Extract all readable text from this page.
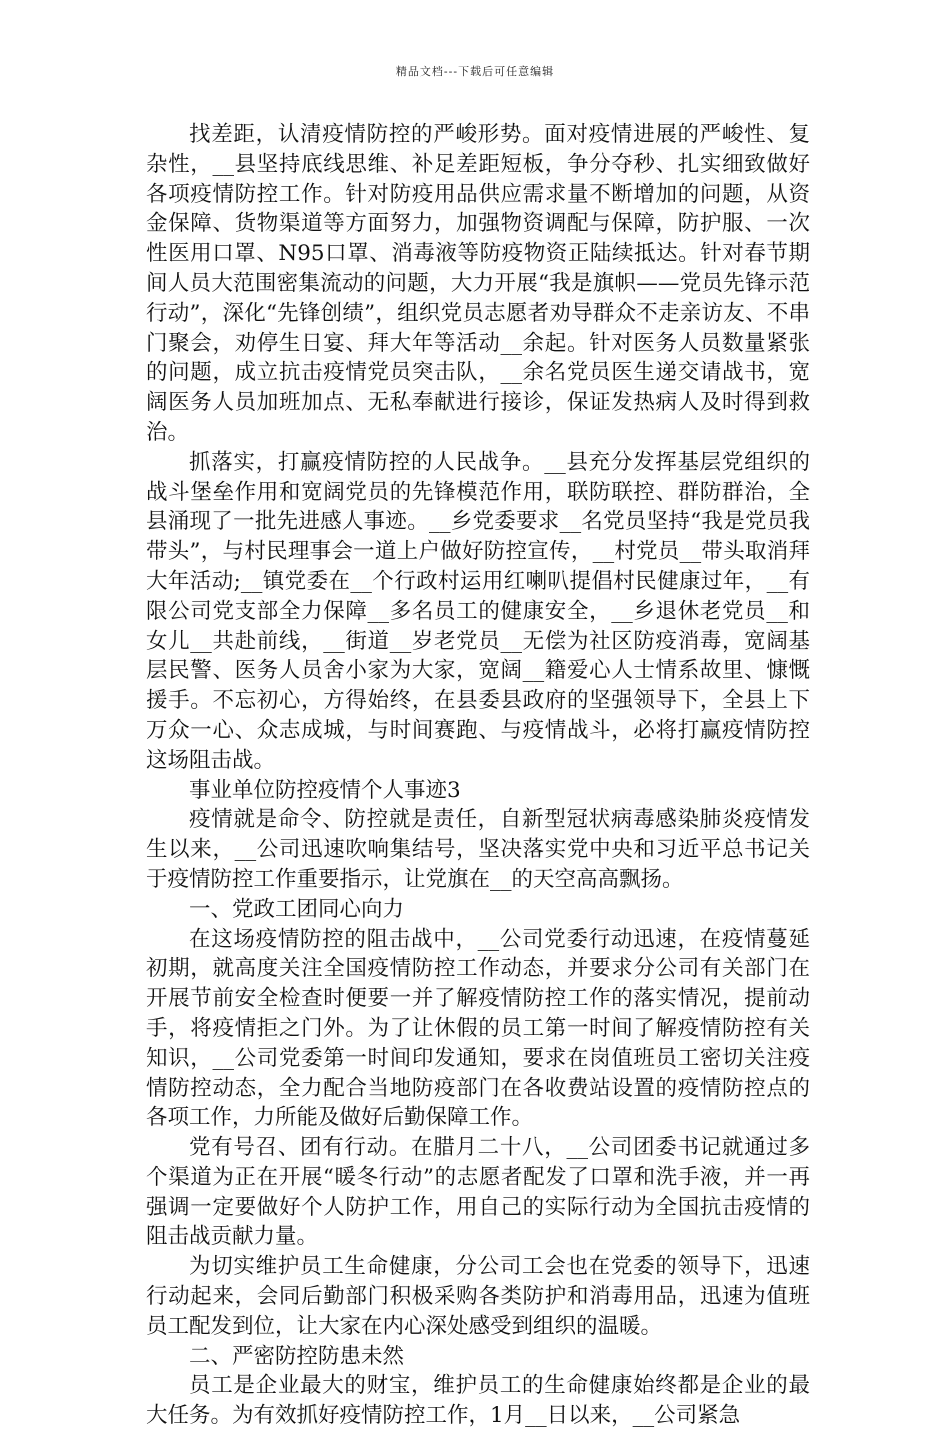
精品文档---下载后可任意编辑

找差距，认清疫情防控的严峻形势。面对疫情进展的严峻性、复杂性，__县坚持底线思维、补足差距短板，争分夺秒、扎实细致做好各项疫情防控工作。针对防疫用品供应需求量不断增加的问题，从资金保障、货物渠道等方面努力，加强物资调配与保障，防护服、一次性医用口罩、N95口罩、消毒液等防疫物资正陆续抵达。针对春节期间人员大范围密集流动的问题，大力开展“我是旗帜——党员先锋示范行动”，深化“先锋创绩”，组织党员志愿者劝导群众不走亲访友、不串门聚会，劝停生日宴、拜大年等活动__余起。针对医务人员数量紧张的问题，成立抗击疫情党员突击队，__余名党员医生递交请战书，宽阔医务人员加班加点、无私奉献进行接诊，保证发热病人及时得到救治。

抓落实，打赢疫情防控的人民战争。__县充分发挥基层党组织的战斗堡垒作用和宽阔党员的先锋模范作用，联防联控、群防群治，全县涌现了一批先进感人事迹。__乡党委要求__名党员坚持“我是党员我带头”，与村民理事会一道上户做好防控宣传，__村党员__带头取消拜大年活动;__镇党委在__个行政村运用红喇叭提倡村民健康过年，__有限公司党支部全力保障__多名员工的健康安全，__乡退休老党员__和女儿__共赴前线，__街道__岁老党员__无偿为社区防疫消毒，宽阔基层民警、医务人员舍小家为大家，宽阔__籍爱心人士情系故里、慷慨援手。不忘初心，方得始终，在县委县政府的坚强领导下，全县上下万众一心、众志成城，与时间赛跑、与疫情战斗，必将打赢疫情防控这场阻击战。

事业单位防控疫情个人事迹3

疫情就是命令、防控就是责任，自新型冠状病毒感染肺炎疫情发生以来，__公司迅速吹响集结号，坚决落实党中央和习近平总书记关于疫情防控工作重要指示，让党旗在__的天空高高飘扬。

一、党政工团同心向力

在这场疫情防控的阻击战中，__公司党委行动迅速，在疫情蔓延初期，就高度关注全国疫情防控工作动态，并要求分公司有关部门在开展节前安全检查时便要一并了解疫情防控工作的落实情况，提前动手，将疫情拒之门外。为了让休假的员工第一时间了解疫情防控有关知识，__公司党委第一时间印发通知，要求在岗值班员工密切关注疫情防控动态，全力配合当地防疫部门在各收费站设置的疫情防控点的各项工作，力所能及做好后勤保障工作。

党有号召、团有行动。在腊月二十八，__公司团委书记就通过多个渠道为正在开展“暖冬行动”的志愿者配发了口罩和洗手液，并一再强调一定要做好个人防护工作，用自己的实际行动为全国抗击疫情的阻击战贡献力量。

为切实维护员工生命健康，分公司工会也在党委的领导下，迅速行动起来，会同后勤部门积极采购各类防护和消毒用品，迅速为值班员工配发到位，让大家在内心深处感受到组织的温暖。

二、严密防控防患未然

员工是企业最大的财宝，维护员工的生命健康始终都是企业的最大任务。为有效抓好疫情防控工作，1月__日以来，__公司紧急
